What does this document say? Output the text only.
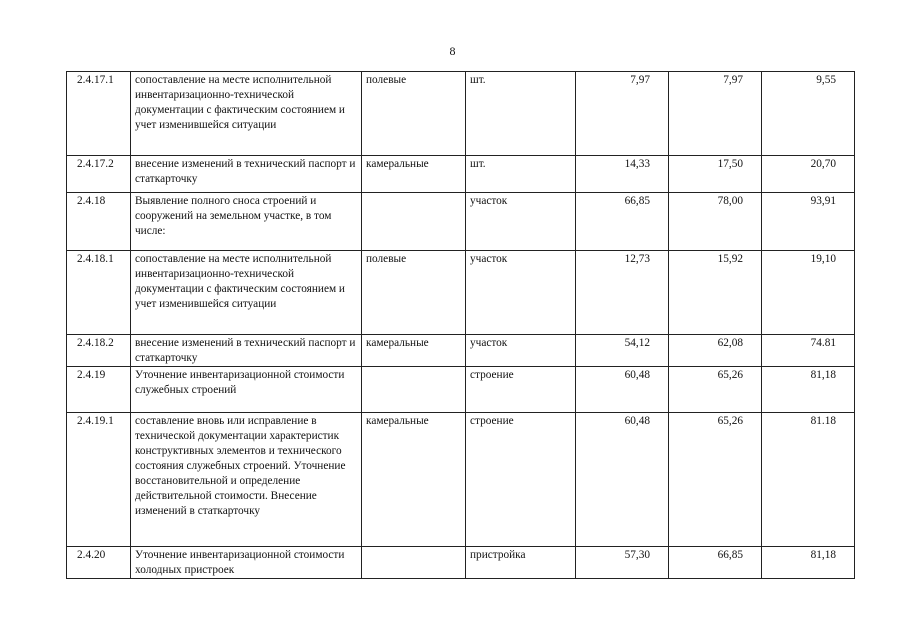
8
2.4.17.1	сопоставление на месте исполнительной инвентаризационно-технической документации с фактическим состоянием и учет изменившейся ситуации	полевые	шт.	7,97	7,97	9,55
2.4.17.2	внесение изменений в технический паспорт и статкарточку	камеральные	шт.	14,33	17,50	20,70
2.4.18	Выявление полного сноса строений и сооружений на земельном участке, в том числе:		участок	66,85	78,00	93,91
2.4.18.1	сопоставление на месте исполнительной инвентаризационно-технической документации с фактическим состоянием и учет изменившейся ситуации	полевые	участок	12,73	15,92	19,10
2.4.18.2	внесение изменений в технический паспорт и статкарточку	камеральные	участок	54,12	62,08	74.81
2.4.19	Уточнение инвентаризационной стоимости служебных строений		строение	60,48	65,26	81,18
2.4.19.1	составление вновь или исправление в технической документации характеристик конструктивных элементов и технического состояния служебных строений. Уточнение восстановительной и определение действительной стоимости. Внесение изменений в статкарточку	камеральные	строение	60,48	65,26	81.18
2.4.20	Уточнение инвентаризационной стоимости холодных пристроек		пристройка	57,30	66,85	81,18
